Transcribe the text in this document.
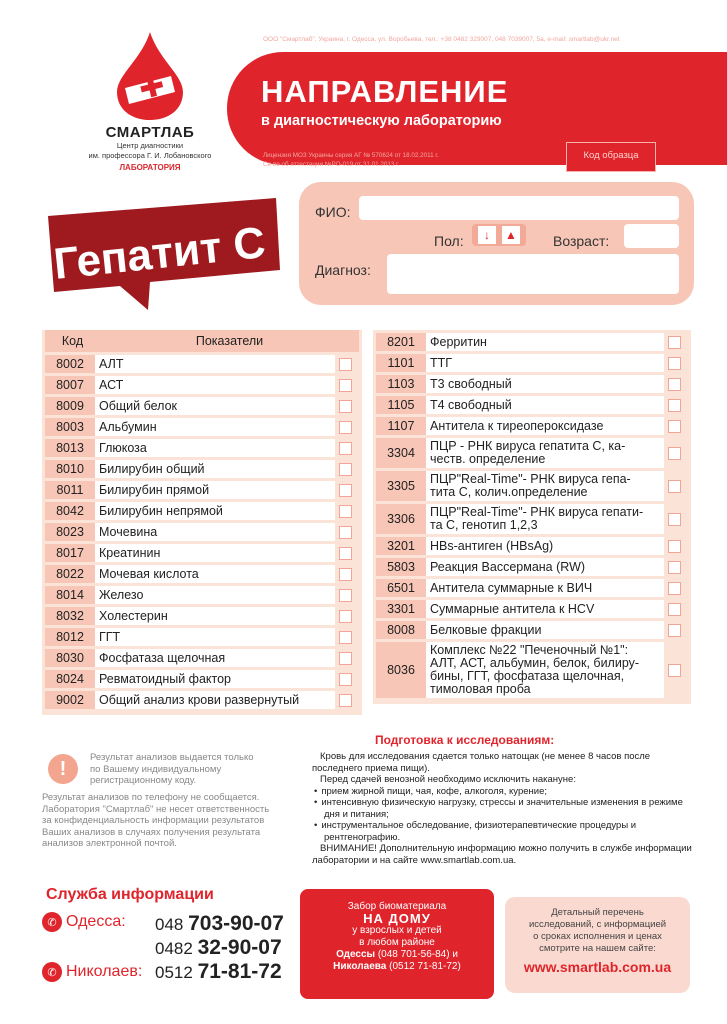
СМАРТЛАБ
Центр диагностики
им. профессора Г. И. Лобановского
ЛАБОРАТОРИЯ
ООО "Смартлаб", Украина, г. Одесса, ул. Воробьева, тел.: +38 0482 329007, 048 7039007, 5а, e-mail: smartlab@ukr.net
НАПРАВЛЕНИЕ
в диагностическую лабораторию
Лицензия МОЗ Украины серия АГ № 570624 от 18.02.2011 г.
Св-во об аттестации №РО-019 от 31.01.2013 г.
Код образца
Гепатит С
ФИО:
Пол:	↓	▲	Возраст:
Диагноз:
Код	Показатели
8002	АЛТ	
8007	АСТ	
8009	Общий белок	
8003	Альбумин	
8013	Глюкоза	
8010	Билирубин общий	
8011	Билирубин прямой	
8042	Билирубин непрямой	
8023	Мочевина	
8017	Креатинин	
8022	Мочевая кислота	
8014	Железо	
8032	Холестерин	
8012	ГГТ	
8030	Фосфатаза щелочная	
8024	Ревматоидный фактор	
9002	Общий анализ крови развернутый	
8201	Ферритин	
1101	ТТГ	
1103	Т3 свободный	
1105	Т4 свободный	
1107	Антитела к тиреопероксидазе	
3304	ПЦР - РНК вируса гепатита С, ка-
честв. определение	
3305	ПЦР"Real-Time"- РНК вируса гепа-
тита С, колич.определение	
3306	ПЦР"Real-Time"- РНК вируса гепати-
та С, генотип 1,2,3	
3201	HBs-антиген (HBsAg)	
5803	Реакция Вассермана (RW)	
6501	Антитела суммарные к ВИЧ	
3301	Суммарные антитела к HCV	
8008	Белковые фракции	
8036	Комплекс №22 "Печеночный №1":
АЛТ, АСТ, альбумин, белок, билиру-
бины, ГГТ, фосфатаза щелочная,
тимоловая проба	
!
Результат анализов выдается только
по Вашему индивидуальному
регистрационному коду.
Результат анализов по телефону не сообщается.
Лаборатория "Смартлаб" не несет ответственность
за конфиденциальность информации результатов
Ваших анализов в случаях получения результата
анализов электронной почтой.
Подготовка к исследованиям:
Кровь для исследования сдается только натощак (не менее 8 часов после последнего приема пищи).
Перед сдачей венозной необходимо исключить накануне:
• прием жирной пищи, чая, кофе, алкоголя, курение;
• интенсивную физическую нагрузку, стрессы и значительные изменения в режиме дня и питания;
• инструментальное обследование, физиотерапевтические процедуры и рентгенографию.
ВНИМАНИЕ! Дополнительную информацию можно получить в службе информации лаборатории и на сайте www.smartlab.com.ua.
Служба информации
✆ Одесса: 048 703-90-07
0482 32-90-07
✆ Николаев: 0512 71-81-72
Забор биоматериала
НА ДОМУ
у взрослых и детей
в любом районе
Одессы (048 701-56-84) и
Николаева (0512 71-81-72)
Детальный перечень
исследований, с информацией
о сроках исполнения и ценах
смотрите на нашем сайте:
www.smartlab.com.ua
